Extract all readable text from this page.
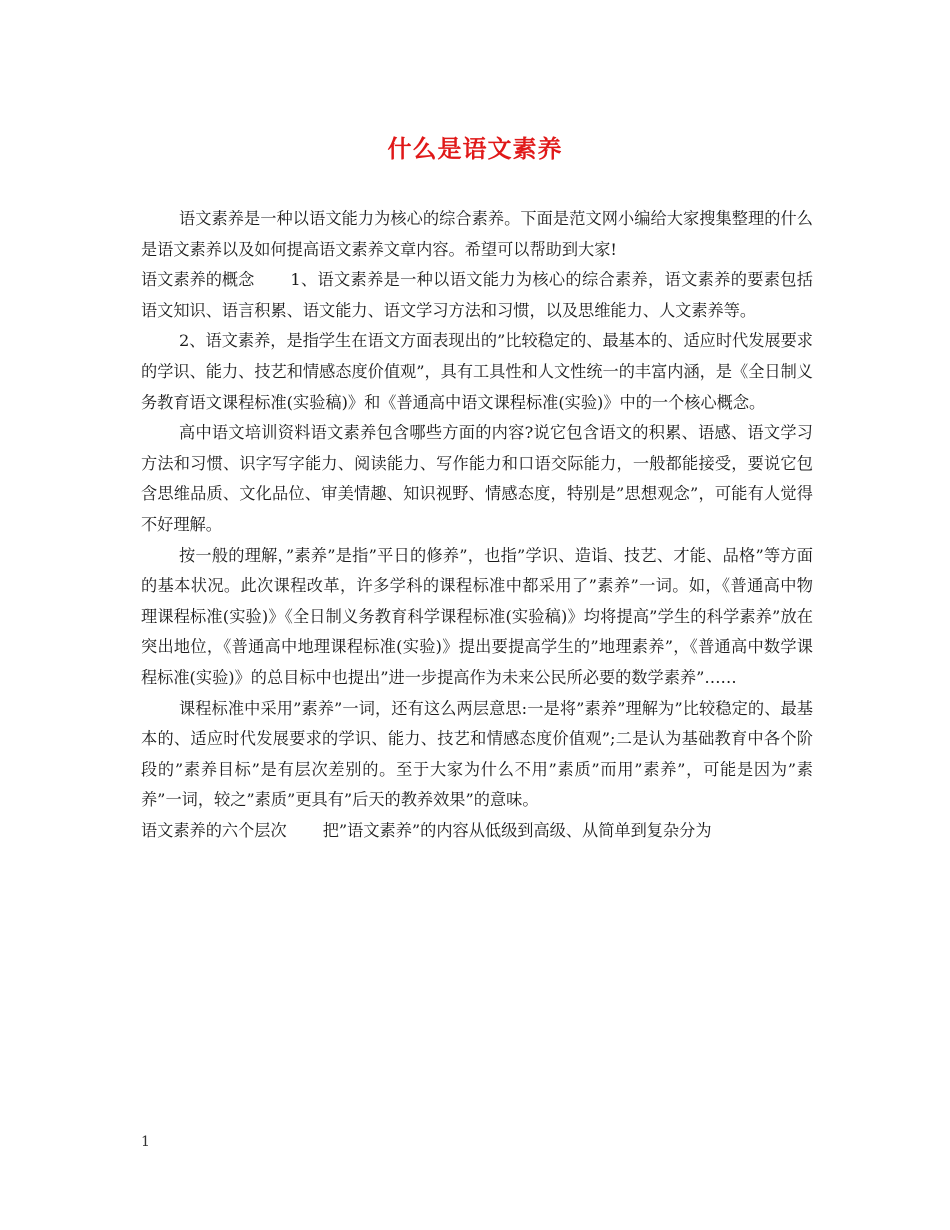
什么是语文素养

语文素养是一种以语文能力为核心的综合素养。下面是范文网小编给大家搜集整理的什么是语文素养以及如何提高语文素养文章内容。希望可以帮助到大家!

语文素养的概念 1、语文素养是一种以语文能力为核心的综合素养，语文素养的要素包括语文知识、语言积累、语文能力、语文学习方法和习惯，以及思维能力、人文素养等。

2、语文素养，是指学生在语文方面表现出的”比较稳定的、最基本的、适应时代发展要求的学识、能力、技艺和情感态度价值观”，具有工具性和人文性统一的丰富内涵，是《全日制义务教育语文课程标准(实验稿)》和《普通高中语文课程标准(实验)》中的一个核心概念。

高中语文培训资料语文素养包含哪些方面的内容?说它包含语文的积累、语感、语文学习方法和习惯、识字写字能力、阅读能力、写作能力和口语交际能力，一般都能接受，要说它包含思维品质、文化品位、审美情趣、知识视野、情感态度，特别是”思想观念”，可能有人觉得不好理解。

按一般的理解，”素养”是指”平日的修养”，也指”学识、造诣、技艺、才能、品格”等方面的基本状况。此次课程改革，许多学科的课程标准中都采用了”素养”一词。如，《普通高中物理课程标准(实验)》《全日制义务教育科学课程标准(实验稿)》均将提高”学生的科学素养”放在突出地位，《普通高中地理课程标准(实验)》提出要提高学生的”地理素养”，《普通高中数学课程标准(实验)》的总目标中也提出”进一步提高作为未来公民所必要的数学素养”……

课程标准中采用”素养”一词，还有这么两层意思:一是将”素养”理解为”比较稳定的、最基本的、适应时代发展要求的学识、能力、技艺和情感态度价值观”;二是认为基础教育中各个阶段的”素养目标”是有层次差别的。至于大家为什么不用”素质”而用”素养”，可能是因为”素养”一词，较之”素质”更具有”后天的教养效果”的意味。

语文素养的六个层次 把”语文素养”的内容从低级到高级、从简单到复杂分为

1
